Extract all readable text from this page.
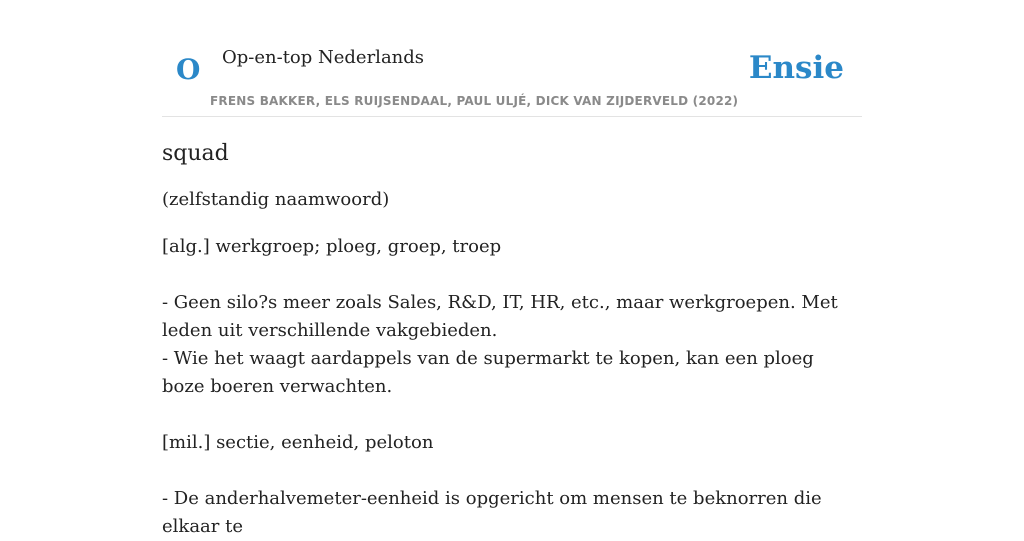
O Op-en-top Nederlands
FRENS BAKKER, ELS RUIJSENDAAL, PAUL ULJÉ, DICK VAN ZIJDERVELD (2022)
Ensie
squad
(zelfstandig naamwoord)
[alg.] werkgroep; ploeg, groep, troep
- Geen silo?s meer zoals Sales, R&D, IT, HR, etc., maar werkgroepen. Met leden uit verschillende vakgebieden.
- Wie het waagt aardappels van de supermarkt te kopen, kan een ploeg boze boeren verwachten.
[mil.] sectie, eenheid, peloton
- De anderhalvemeter-eenheid is opgericht om mensen te beknorren die elkaar te
